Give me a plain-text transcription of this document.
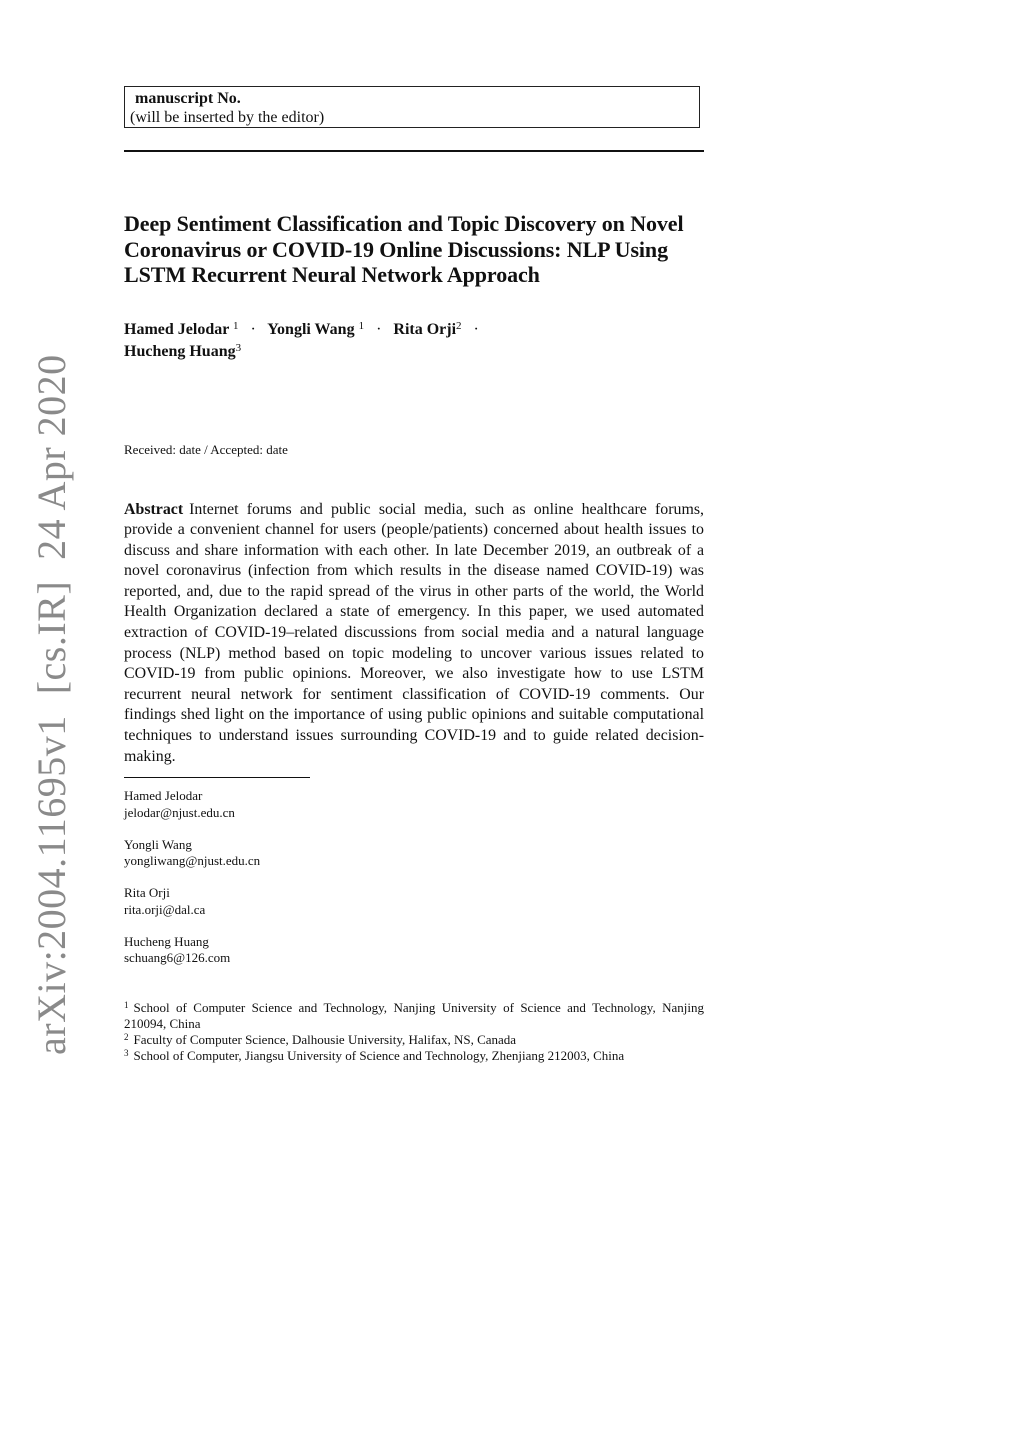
arXiv:2004.11695v1  [cs.IR]  24 Apr 2020
manuscript No.
(will be inserted by the editor)
Deep Sentiment Classification and Topic Discovery on Novel Coronavirus or COVID-19 Online Discussions: NLP Using LSTM Recurrent Neural Network Approach
Hamed Jelodar $^1$ · Yongli Wang $^1$ · Rita Orji$^2$ ·
Hucheng Huang$^3$
Received: date / Accepted: date
Abstract Internet forums and public social media, such as online healthcare forums, provide a convenient channel for users (people/patients) concerned about health issues to discuss and share information with each other. In late December 2019, an outbreak of a novel coronavirus (infection from which results in the disease named COVID-19) was reported, and, due to the rapid spread of the virus in other parts of the world, the World Health Organization declared a state of emergency. In this paper, we used automated extraction of COVID-19–related discussions from social media and a natural language process (NLP) method based on topic modeling to uncover various issues related to COVID-19 from public opinions. Moreover, we also investigate how to use LSTM recurrent neural network for sentiment classification of COVID-19 comments. Our findings shed light on the importance of using public opinions and suitable computational techniques to understand issues surrounding COVID-19 and to guide related decision-making.
Hamed Jelodar
jelodar@njust.edu.cn
Yongli Wang
yongliwang@njust.edu.cn
Rita Orji
rita.orji@dal.ca
Hucheng Huang
schuang6@126.com
$^1$ School of Computer Science and Technology, Nanjing University of Science and Technology, Nanjing 210094, China
$^2$ Faculty of Computer Science, Dalhousie University, Halifax, NS, Canada
$^3$ School of Computer, Jiangsu University of Science and Technology, Zhenjiang 212003, China
